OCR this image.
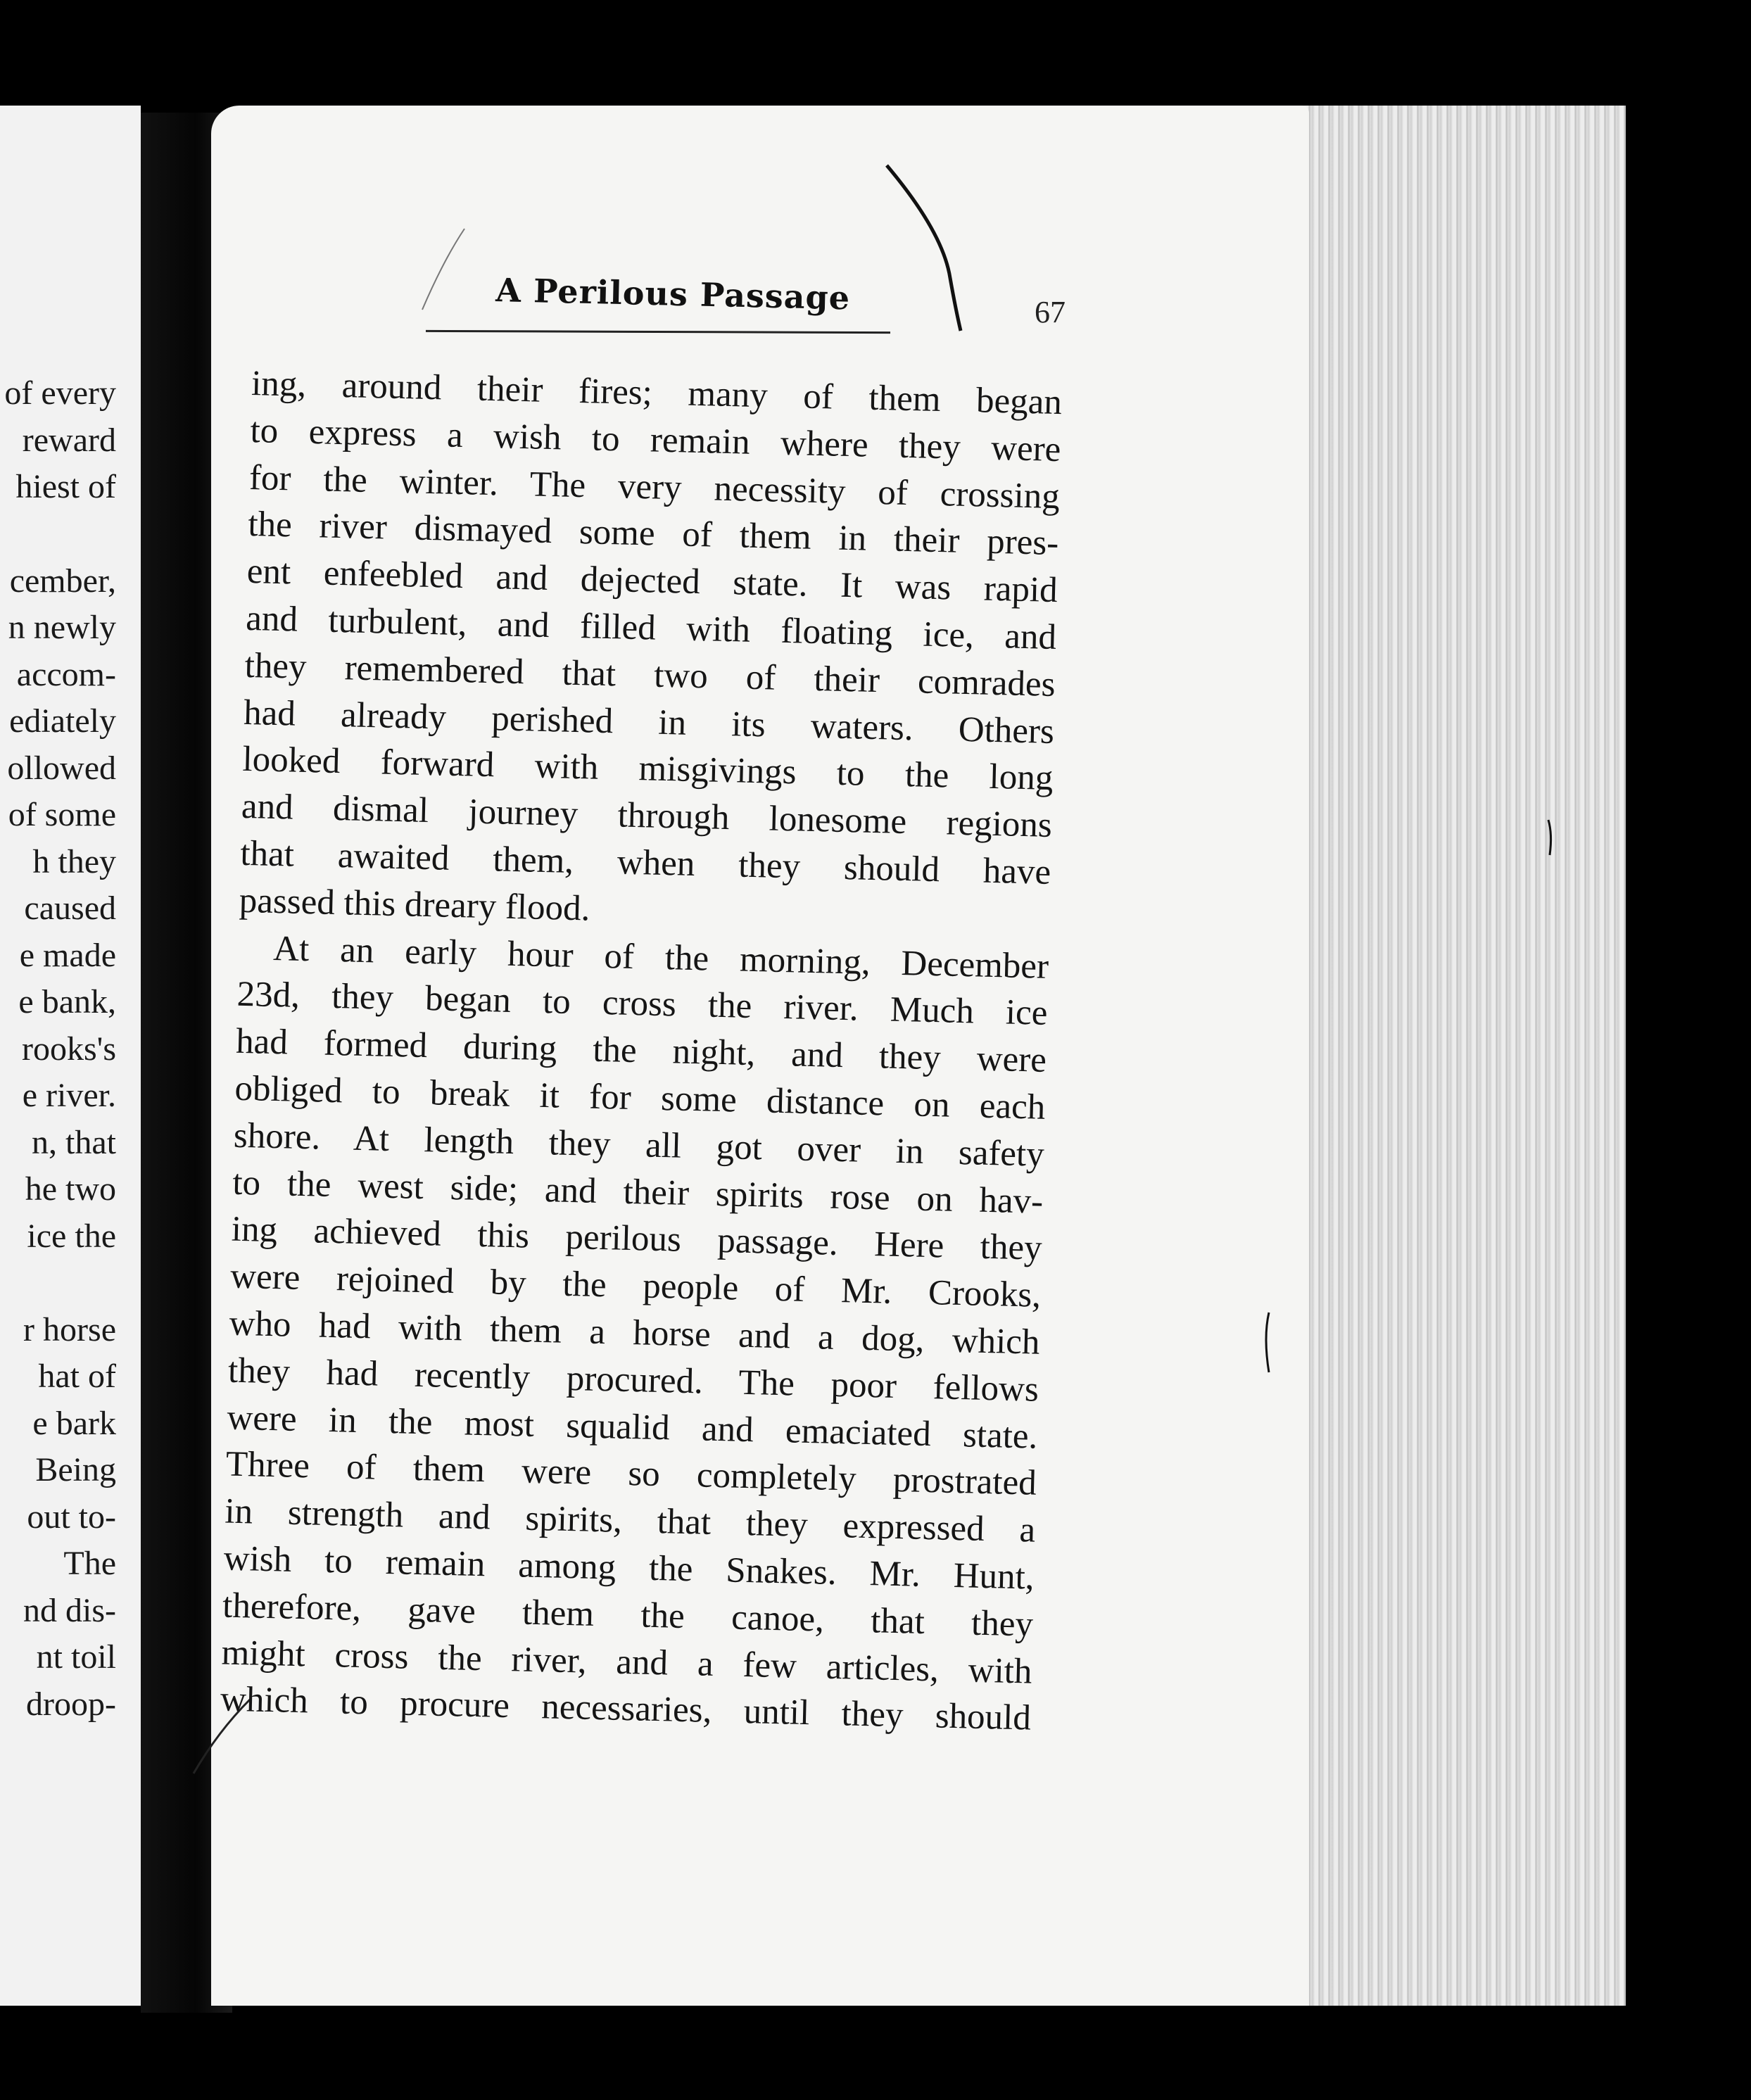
of every
reward
hiest of
cember,
n newly
accom-
ediately
ollowed
of some
h they
caused
e made
e bank,
rooks's
e river.
n, that
he two
ice the
r horse
hat of
e bark
Being
out to-
The
nd dis-
nt toil
droop-
A Perilous Passage	67
ing, around their fires; many of them began
to express a wish to remain where they were
for the winter. The very necessity of crossing
the river dismayed some of them in their pres-
ent enfeebled and dejected state. It was rapid
and turbulent, and filled with floating ice, and
they remembered that two of their comrades
had already perished in its waters. Others
looked forward with misgivings to the long
and dismal journey through lonesome regions
that awaited them, when they should have
passed this dreary flood.
At an early hour of the morning, December
23d, they began to cross the river. Much ice
had formed during the night, and they were
obliged to break it for some distance on each
shore. At length they all got over in safety
to the west side; and their spirits rose on hav-
ing achieved this perilous passage. Here they
were rejoined by the people of Mr. Crooks,
who had with them a horse and a dog, which
they had recently procured. The poor fellows
were in the most squalid and emaciated state.
Three of them were so completely prostrated
in strength and spirits, that they expressed a
wish to remain among the Snakes. Mr. Hunt,
therefore, gave them the canoe, that they
might cross the river, and a few articles, with
which to procure necessaries, until they should
